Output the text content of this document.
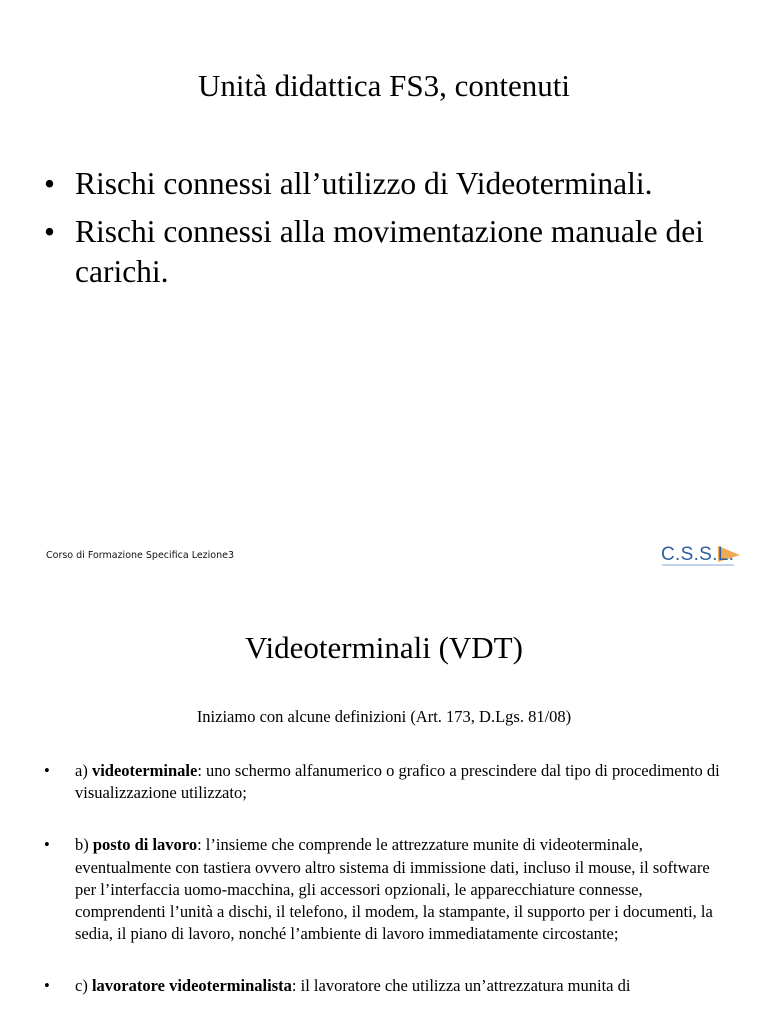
Unità didattica FS3, contenuti
• Rischi connessi all’utilizzo di Videoterminali.
• Rischi connessi alla movimentazione manuale dei carichi.
Corso di Formazione Specifica Lezione3	C.S.S.L.
Videoterminali (VDT)
Iniziamo con alcune definizioni (Art. 173, D.Lgs. 81/08)
• a) videoterminale: uno schermo alfanumerico o grafico a prescindere dal tipo di procedimento di visualizzazione utilizzato;
• b) posto di lavoro: l’insieme che comprende le attrezzature munite di videoterminale, eventualmente con tastiera ovvero altro sistema di immissione dati, incluso il mouse, il software per l’interfaccia uomo-macchina, gli accessori opzionali, le apparecchiature connesse, comprendenti l’unità a dischi, il telefono, il modem, la stampante, il supporto per i documenti, la sedia, il piano di lavoro, nonché l’ambiente di lavoro immediatamente circostante;
• c) lavoratore videoterminalista: il lavoratore che utilizza un’attrezzatura munita di
